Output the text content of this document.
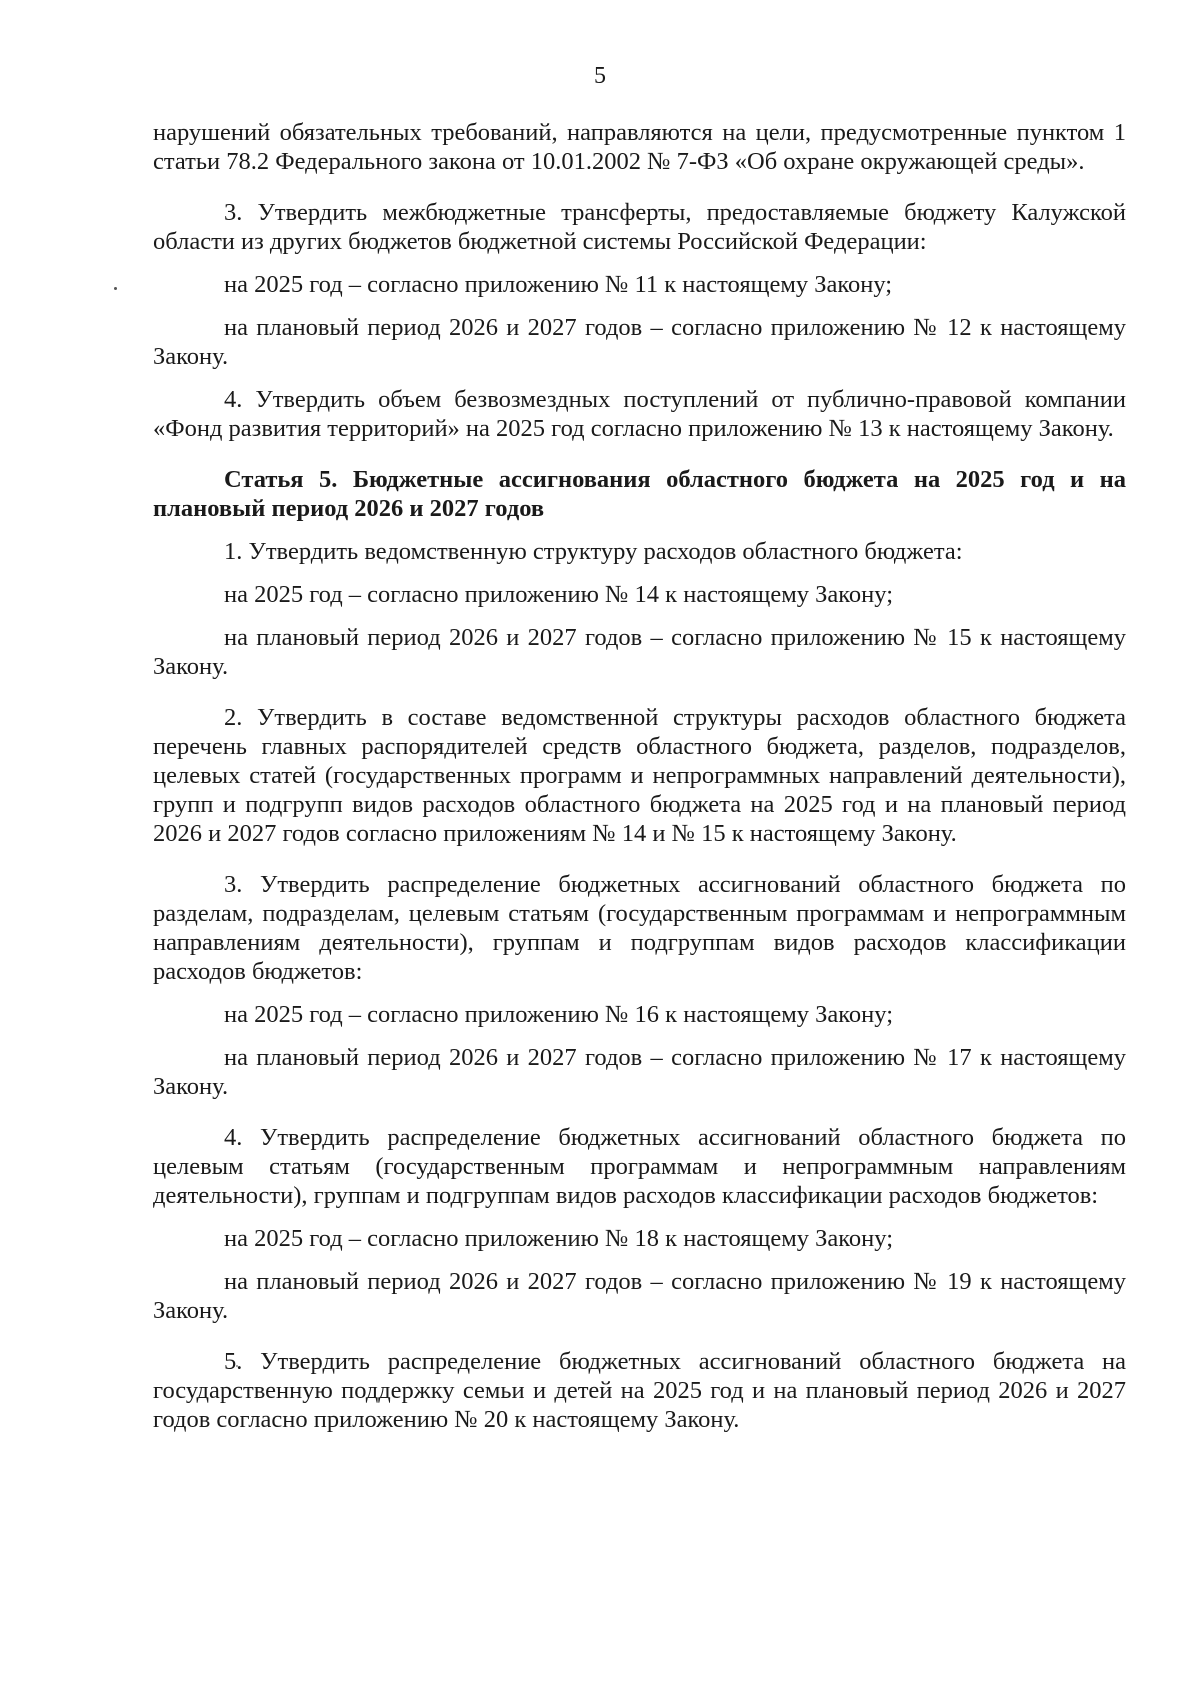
5

нарушений обязательных требований, направляются на цели, предусмотренные пунктом 1 статьи 78.2 Федерального закона от 10.01.2002 № 7-ФЗ «Об охране окружающей среды».

3. Утвердить межбюджетные трансферты, предоставляемые бюджету Калужской области из других бюджетов бюджетной системы Российской Федерации:

на 2025 год – согласно приложению № 11 к настоящему Закону;

на плановый период 2026 и 2027 годов – согласно приложению № 12 к настоящему Закону.

4. Утвердить объем безвозмездных поступлений от публично-правовой компании «Фонд развития территорий» на 2025 год согласно приложению № 13 к настоящему Закону.

Статья 5. Бюджетные ассигнования областного бюджета на 2025 год и на плановый период 2026 и 2027 годов

1. Утвердить ведомственную структуру расходов областного бюджета:

на 2025 год – согласно приложению № 14 к настоящему Закону;

на плановый период 2026 и 2027 годов – согласно приложению № 15 к настоящему Закону.

2. Утвердить в составе ведомственной структуры расходов областного бюджета перечень главных распорядителей средств областного бюджета, разделов, подразделов, целевых статей (государственных программ и непрограммных направлений деятельности), групп и подгрупп видов расходов областного бюджета на 2025 год и на плановый период 2026 и 2027 годов согласно приложениям № 14 и № 15 к настоящему Закону.

3. Утвердить распределение бюджетных ассигнований областного бюджета по разделам, подразделам, целевым статьям (государственным программам и непрограммным направлениям деятельности), группам и подгруппам видов расходов классификации расходов бюджетов:

на 2025 год – согласно приложению № 16 к настоящему Закону;

на плановый период 2026 и 2027 годов – согласно приложению № 17 к настоящему Закону.

4. Утвердить распределение бюджетных ассигнований областного бюджета по целевым статьям (государственным программам и непрограммным направлениям деятельности), группам и подгруппам видов расходов классификации расходов бюджетов:

на 2025 год – согласно приложению № 18 к настоящему Закону;

на плановый период 2026 и 2027 годов – согласно приложению № 19 к настоящему Закону.

5. Утвердить распределение бюджетных ассигнований областного бюджета на государственную поддержку семьи и детей на 2025 год и на плановый период 2026 и 2027 годов согласно приложению № 20 к настоящему Закону.
